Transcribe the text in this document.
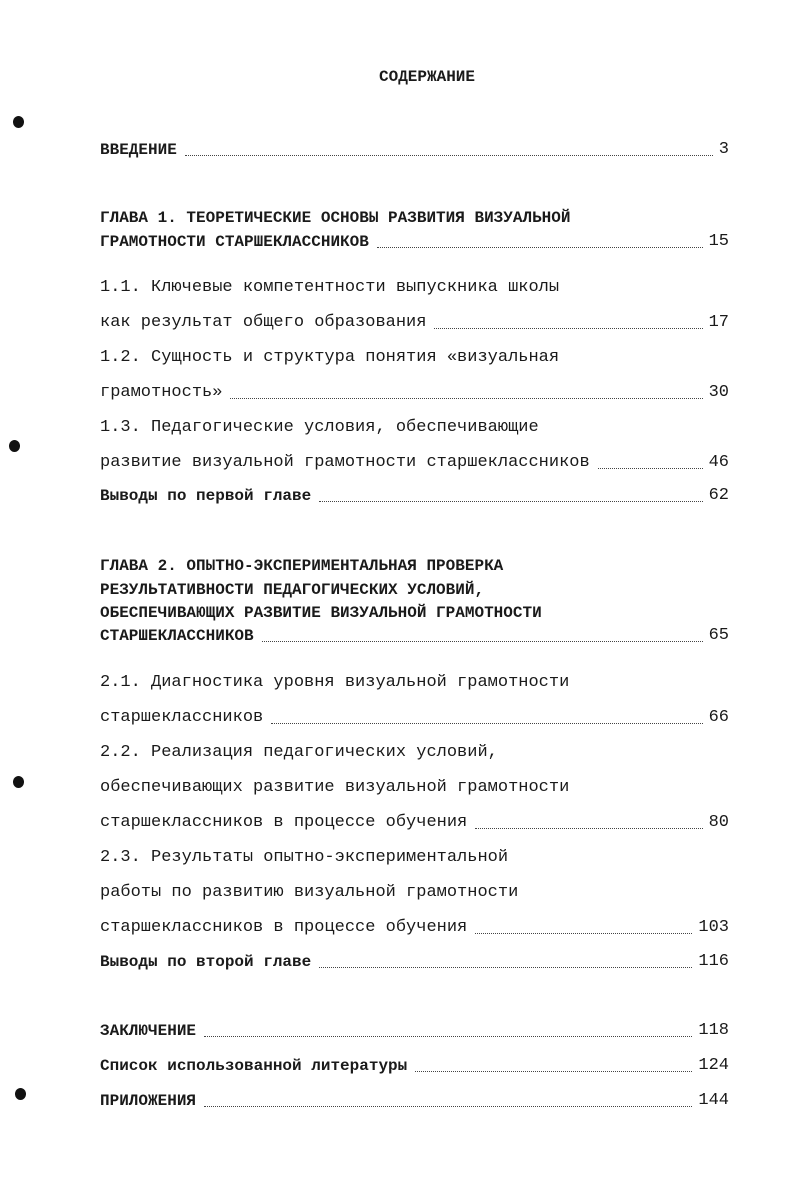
СОДЕРЖАНИЕ
ВВЕДЕНИЕ	3
ГЛАВА 1. ТЕОРЕТИЧЕСКИЕ ОСНОВЫ РАЗВИТИЯ ВИЗУАЛЬНОЙ
ГРАМОТНОСТИ СТАРШЕКЛАССНИКОВ	15
1.1. Ключевые компетентности выпускника школы
как результат общего образования	17
1.2. Сущность и структура понятия «визуальная
грамотность»	30
1.3. Педагогические условия, обеспечивающие
развитие визуальной грамотности старшеклассников	46
Выводы по первой главе	62
ГЛАВА 2. ОПЫТНО-ЭКСПЕРИМЕНТАЛЬНАЯ ПРОВЕРКА
РЕЗУЛЬТАТИВНОСТИ ПЕДАГОГИЧЕСКИХ УСЛОВИЙ,
ОБЕСПЕЧИВАЮЩИХ РАЗВИТИЕ ВИЗУАЛЬНОЙ ГРАМОТНОСТИ
СТАРШЕКЛАССНИКОВ	65
2.1. Диагностика уровня визуальной грамотности
старшеклассников	66
2.2. Реализация педагогических условий,
обеспечивающих развитие визуальной грамотности
старшеклассников в процессе обучения	80
2.3. Результаты опытно-экспериментальной
работы по развитию визуальной грамотности
старшеклассников в процессе обучения	103
Выводы по второй главе	116
ЗАКЛЮЧЕНИЕ	118
Список использованной литературы	124
ПРИЛОЖЕНИЯ	144
